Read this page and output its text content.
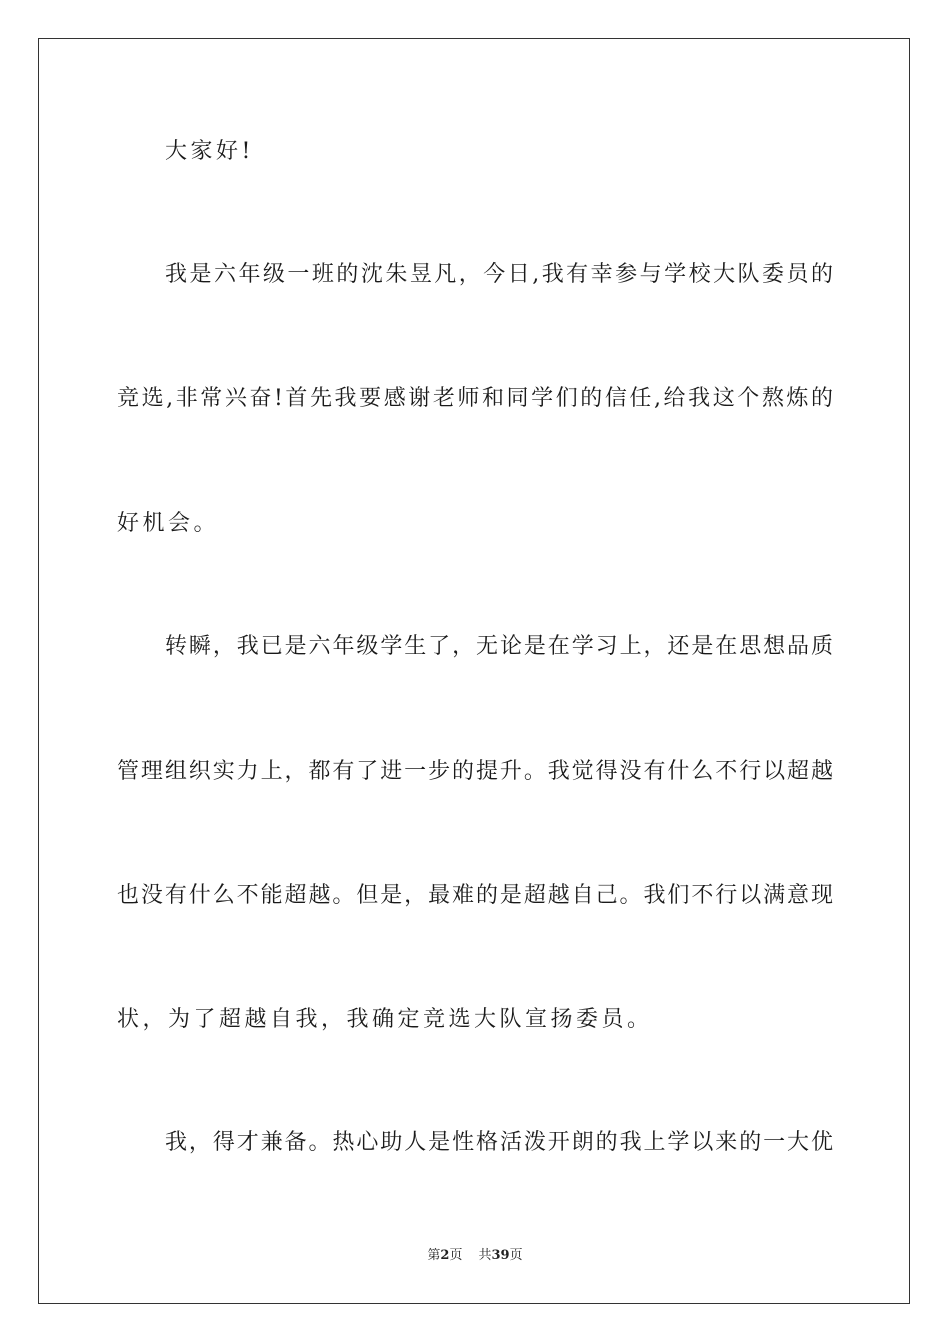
大家好!
我是六年级一班的沈朱昱凡，今日,我有幸参与学校大队委员的
竞选,非常兴奋!首先我要感谢老师和同学们的信任,给我这个熬炼的
好机会。
转瞬，我已是六年级学生了，无论是在学习上，还是在思想品质
管理组织实力上，都有了进一步的提升。我觉得没有什么不行以超越
也没有什么不能超越。但是，最难的是超越自己。我们不行以满意现
状，为了超越自我，我确定竞选大队宣扬委员。
我，得才兼备。热心助人是性格活泼开朗的我上学以来的一大优
第2页 共39页
